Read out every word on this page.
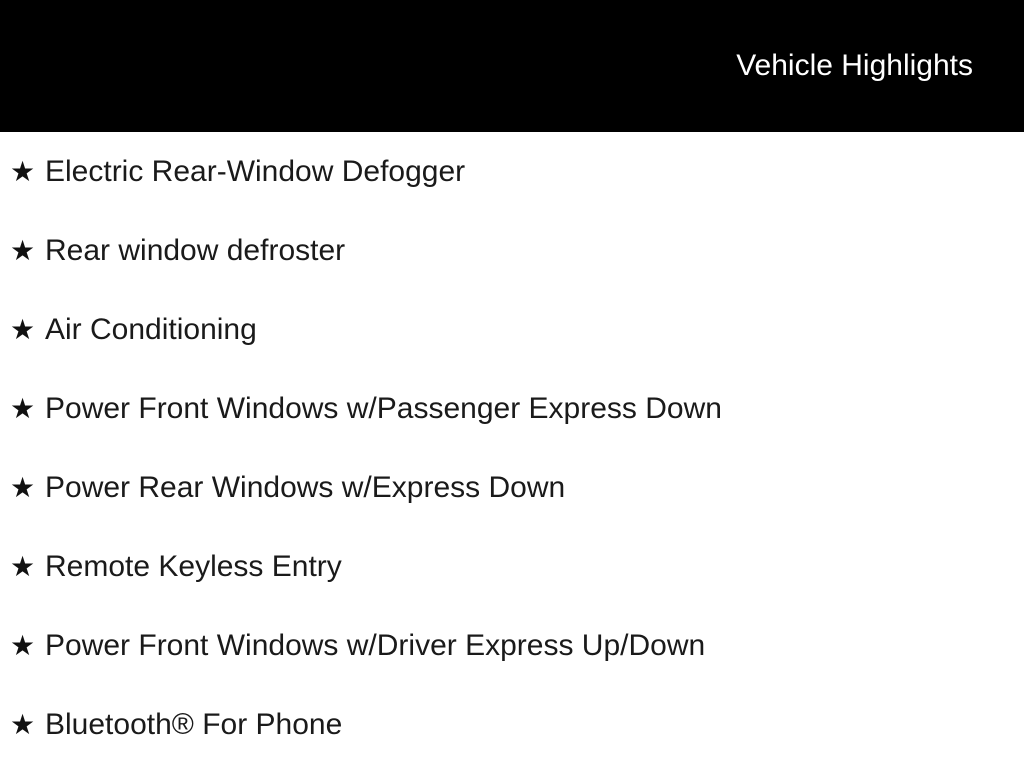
Vehicle Highlights
★ Electric Rear-Window Defogger
★ Rear window defroster
★ Air Conditioning
★ Power Front Windows w/Passenger Express Down
★ Power Rear Windows w/Express Down
★ Remote Keyless Entry
★ Power Front Windows w/Driver Express Up/Down
★ Bluetooth® For Phone
